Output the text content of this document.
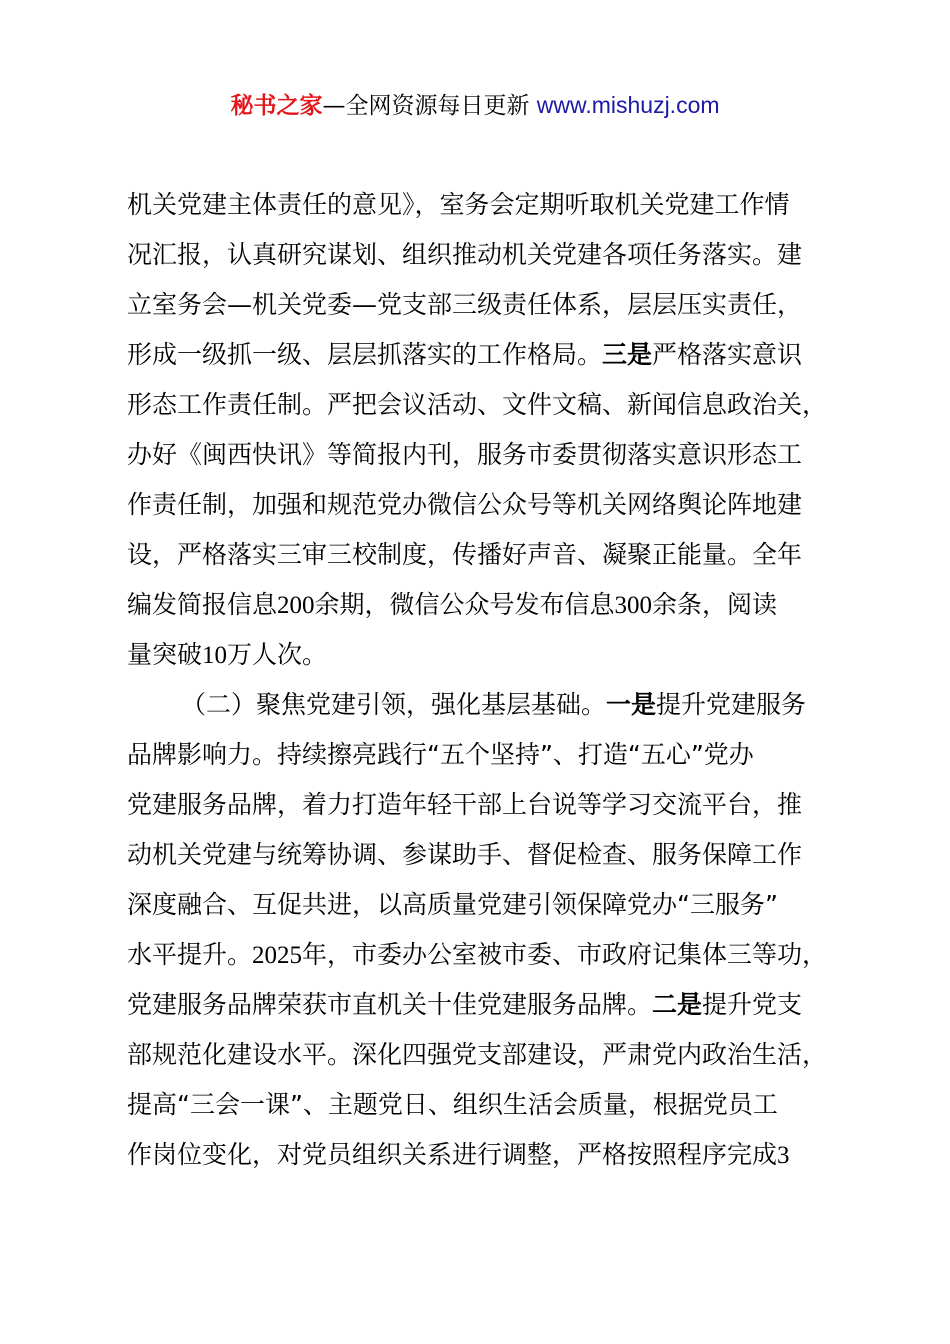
秘书之家—全网资源每日更新 www.mishuzj.com
机关党建主体责任的意见》，室务会定期听取机关党建工作情
况汇报，认真研究谋划、组织推动机关党建各项任务落实。建
立室务会—机关党委—党支部三级责任体系，层层压实责任，
形成一级抓一级、层层抓落实的工作格局。三是严格落实意识
形态工作责任制。严把会议活动、文件文稿、新闻信息政治关，
办好《闽西快讯》等简报内刊，服务市委贯彻落实意识形态工
作责任制，加强和规范党办微信公众号等机关网络舆论阵地建
设，严格落实三审三校制度，传播好声音、凝聚正能量。全年
编发简报信息200余期，微信公众号发布信息300余条，阅读
量突破10万人次。
（二）聚焦党建引领，强化基层基础。一是提升党建服务
品牌影响力。持续擦亮践行“五个坚持”、打造“五心”党办
党建服务品牌，着力打造年轻干部上台说等学习交流平台，推
动机关党建与统筹协调、参谋助手、督促检查、服务保障工作
深度融合、互促共进，以高质量党建引领保障党办“三服务”
水平提升。2025年，市委办公室被市委、市政府记集体三等功，
党建服务品牌荣获市直机关十佳党建服务品牌。二是提升党支
部规范化建设水平。深化四强党支部建设，严肃党内政治生活，
提高“三会一课”、主题党日、组织生活会质量，根据党员工
作岗位变化，对党员组织关系进行调整，严格按照程序完成3
